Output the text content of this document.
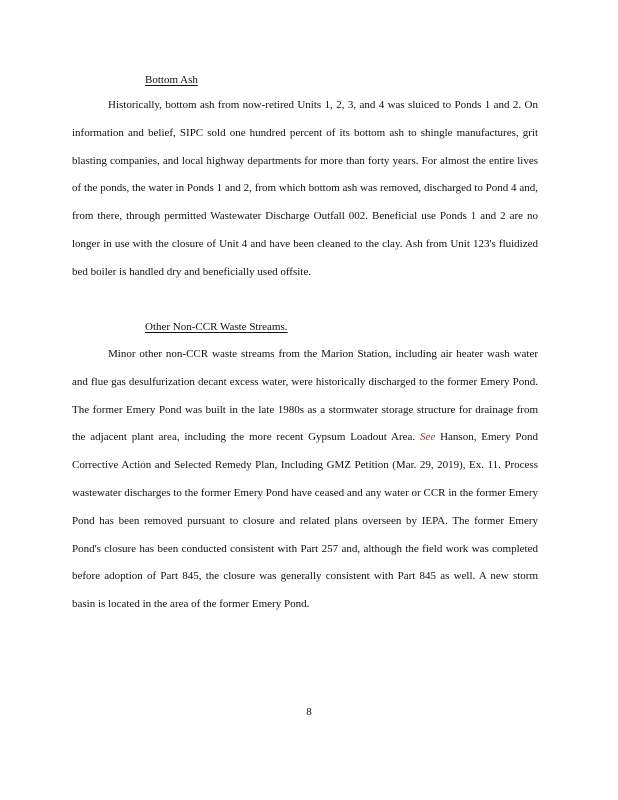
Bottom Ash

Historically, bottom ash from now-retired Units 1, 2, 3, and 4 was sluiced to Ponds 1 and 2. On information and belief, SIPC sold one hundred percent of its bottom ash to shingle manufactures, grit blasting companies, and local highway departments for more than forty years. For almost the entire lives of the ponds, the water in Ponds 1 and 2, from which bottom ash was removed, discharged to Pond 4 and, from there, through permitted Wastewater Discharge Outfall 002. Beneficial use Ponds 1 and 2 are no longer in use with the closure of Unit 4 and have been cleaned to the clay. Ash from Unit 123's fluidized bed boiler is handled dry and beneficially used offsite.

Other Non-CCR Waste Streams.

Minor other non-CCR waste streams from the Marion Station, including air heater wash water and flue gas desulfurization decant excess water, were historically discharged to the former Emery Pond. The former Emery Pond was built in the late 1980s as a stormwater storage structure for drainage from the adjacent plant area, including the more recent Gypsum Loadout Area. See Hanson, Emery Pond Corrective Action and Selected Remedy Plan, Including GMZ Petition (Mar. 29, 2019), Ex. 11. Process wastewater discharges to the former Emery Pond have ceased and any water or CCR in the former Emery Pond has been removed pursuant to closure and related plans overseen by IEPA. The former Emery Pond's closure has been conducted consistent with Part 257 and, although the field work was completed before adoption of Part 845, the closure was generally consistent with Part 845 as well. A new storm basin is located in the area of the former Emery Pond.

8
